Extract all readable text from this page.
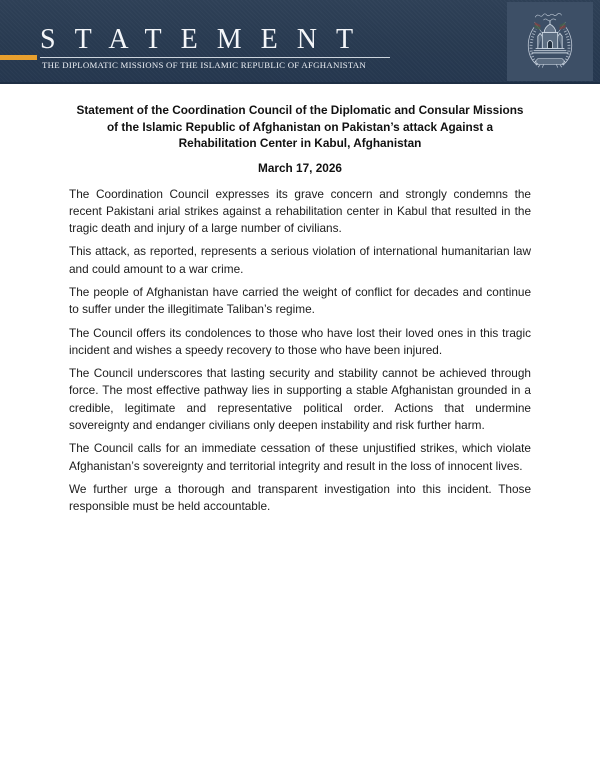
STATEMENT
THE DIPLOMATIC MISSIONS OF THE ISLAMIC REPUBLIC OF AFGHANISTAN
Statement of the Coordination Council of the Diplomatic and Consular Missions of the Islamic Republic of Afghanistan on Pakistan’s attack Against a Rehabilitation Center in Kabul, Afghanistan
March 17, 2026

The Coordination Council expresses its grave concern and strongly condemns the recent Pakistani arial strikes against a rehabilitation center in Kabul that resulted in the tragic death and injury of a large number of civilians.

This attack, as reported, represents a serious violation of international humanitarian law and could amount to a war crime.

The people of Afghanistan have carried the weight of conflict for decades and continue to suffer under the illegitimate Taliban’s regime.

The Council offers its condolences to those who have lost their loved ones in this tragic incident and wishes a speedy recovery to those who have been injured.

The Council underscores that lasting security and stability cannot be achieved through force. The most effective pathway lies in supporting a stable Afghanistan grounded in a credible, legitimate and representative political order. Actions that undermine sovereignty and endanger civilians only deepen instability and risk further harm.

The Council calls for an immediate cessation of these unjustified strikes, which violate Afghanistan’s sovereignty and territorial integrity and result in the loss of innocent lives.

We further urge a thorough and transparent investigation into this incident. Those responsible must be held accountable.
